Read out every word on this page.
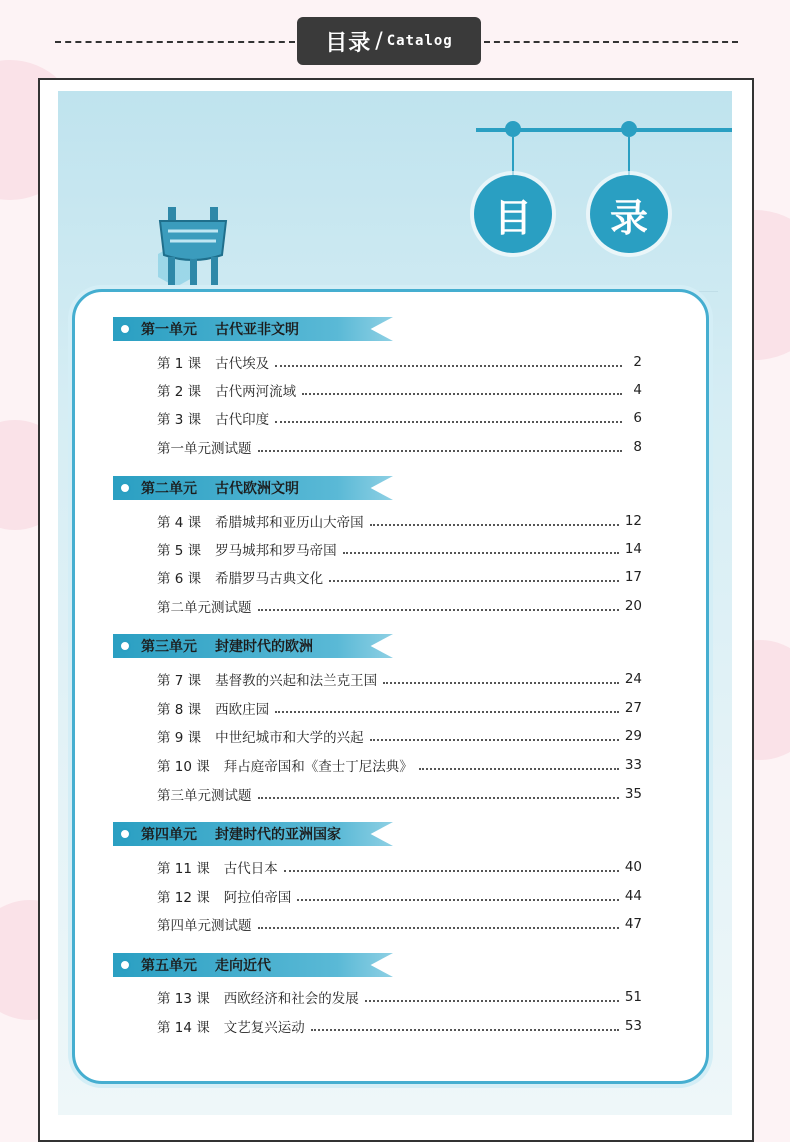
目录 / Catalog
目	录
第一单元 古代亚非文明
第 1 课 古代埃及	2
第 2 课 古代两河流域	4
第 3 课 古代印度	6
第一单元测试题	8
第二单元 古代欧洲文明
第 4 课 希腊城邦和亚历山大帝国	12
第 5 课 罗马城邦和罗马帝国	14
第 6 课 希腊罗马古典文化	17
第二单元测试题	20
第三单元 封建时代的欧洲
第 7 课 基督教的兴起和法兰克王国	24
第 8 课 西欧庄园	27
第 9 课 中世纪城市和大学的兴起	29
第 10 课 拜占庭帝国和《查士丁尼法典》	33
第三单元测试题	35
第四单元 封建时代的亚洲国家
第 11 课 古代日本	40
第 12 课 阿拉伯帝国	44
第四单元测试题	47
第五单元 走向近代
第 13 课 西欧经济和社会的发展	51
第 14 课 文艺复兴运动	53
